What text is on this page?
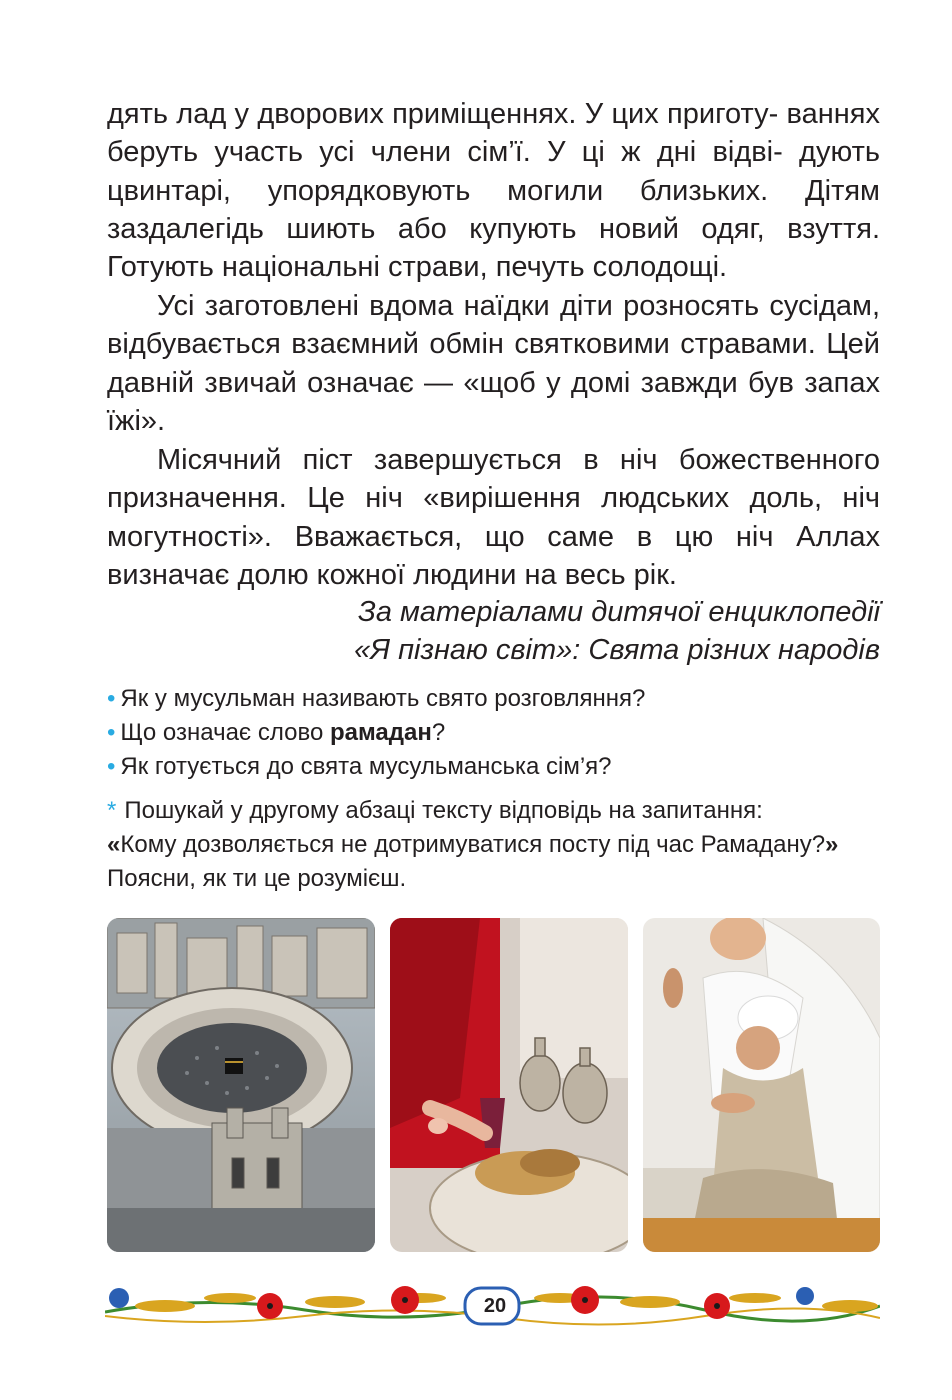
дять лад у дворових приміщеннях. У цих приготу- ваннях беруть участь усі члени сім’ї. У ці ж дні відві- дують цвинтарі, упорядковують могили близьких. Дітям заздалегідь шиють або купують новий одяг, взуття. Готують національні страви, печуть солодощі.

Усі заготовлені вдома наїдки діти розносять сусідам, відбувається взаємний обмін святковими стравами. Цей давній звичай означає — «щоб у домі завжди був запах їжі».

Місячний піст завершується в ніч божественного призначення. Це ніч «вирішення людських доль, ніч могутності». Вважається, що саме в цю ніч Аллах визначає долю кожної людини на весь рік.

За матеріалами дитячої енциклопедії
«Я пізнаю світ»: Свята різних народів
• Як у мусульман називають свято розговляння?
• Що означає слово рамадан?
• Як готується до свята мусульманська сім’я?
* Пошукай у другому абзаці тексту відповідь на запитання:
«Кому дозволяється не дотримуватися посту під час Рамадану?» Поясни, як ти це розумієш.
20
